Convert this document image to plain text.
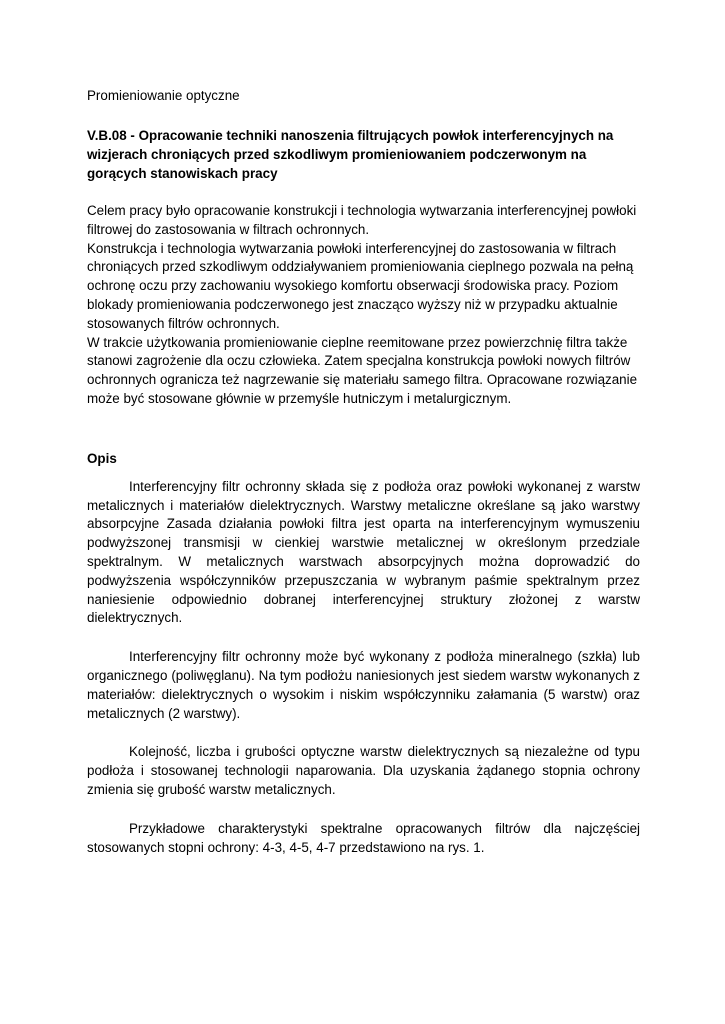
Promieniowanie optyczne

V.B.08 - Opracowanie techniki nanoszenia filtrujących powłok interferencyjnych na wizjerach chroniących przed szkodliwym promieniowaniem podczerwonym na gorących stanowiskach pracy

Celem pracy było opracowanie konstrukcji i technologia wytwarzania interferencyjnej powłoki filtrowej do zastosowania w filtrach ochronnych.

Konstrukcja i technologia wytwarzania powłoki interferencyjnej do zastosowania w filtrach chroniących przed szkodliwym oddziaływaniem promieniowania cieplnego pozwala na pełną ochronę oczu przy zachowaniu wysokiego komfortu obserwacji środowiska pracy. Poziom blokady promieniowania podczerwonego jest znacząco wyższy niż w przypadku aktualnie stosowanych filtrów ochronnych.

W trakcie użytkowania promieniowanie cieplne reemitowane przez powierzchnię filtra także stanowi zagrożenie dla oczu człowieka. Zatem specjalna konstrukcja powłoki nowych filtrów ochronnych ogranicza też nagrzewanie się materiału samego filtra. Opracowane rozwiązanie może być stosowane głównie w przemyśle hutniczym i metalurgicznym.

Opis

Interferencyjny filtr ochronny składa się z podłoża oraz powłoki wykonanej z warstw metalicznych i materiałów dielektrycznych. Warstwy metaliczne określane są jako warstwy absorpcyjne Zasada działania powłoki filtra jest oparta na interferencyjnym wymuszeniu podwyższonej transmisji w cienkiej warstwie metalicznej w określonym przedziale spektralnym. W metalicznych warstwach absorpcyjnych można doprowadzić do podwyższenia współczynników przepuszczania w wybranym paśmie spektralnym przez naniesienie odpowiednio dobranej interferencyjnej struktury złożonej z warstw dielektrycznych.

Interferencyjny filtr ochronny może być wykonany z podłoża mineralnego (szkła) lub organicznego (poliwęglanu). Na tym podłożu naniesionych jest siedem warstw wykonanych z materiałów: dielektrycznych o wysokim i niskim współczynniku załamania (5 warstw) oraz metalicznych (2 warstwy).

Kolejność, liczba i grubości optyczne warstw dielektrycznych są niezależne od typu podłoża i stosowanej technologii naparowania. Dla uzyskania żądanego stopnia ochrony zmienia się grubość warstw metalicznych.

Przykładowe charakterystyki spektralne opracowanych filtrów dla najczęściej stosowanych stopni ochrony: 4-3, 4-5, 4-7 przedstawiono na rys. 1.
